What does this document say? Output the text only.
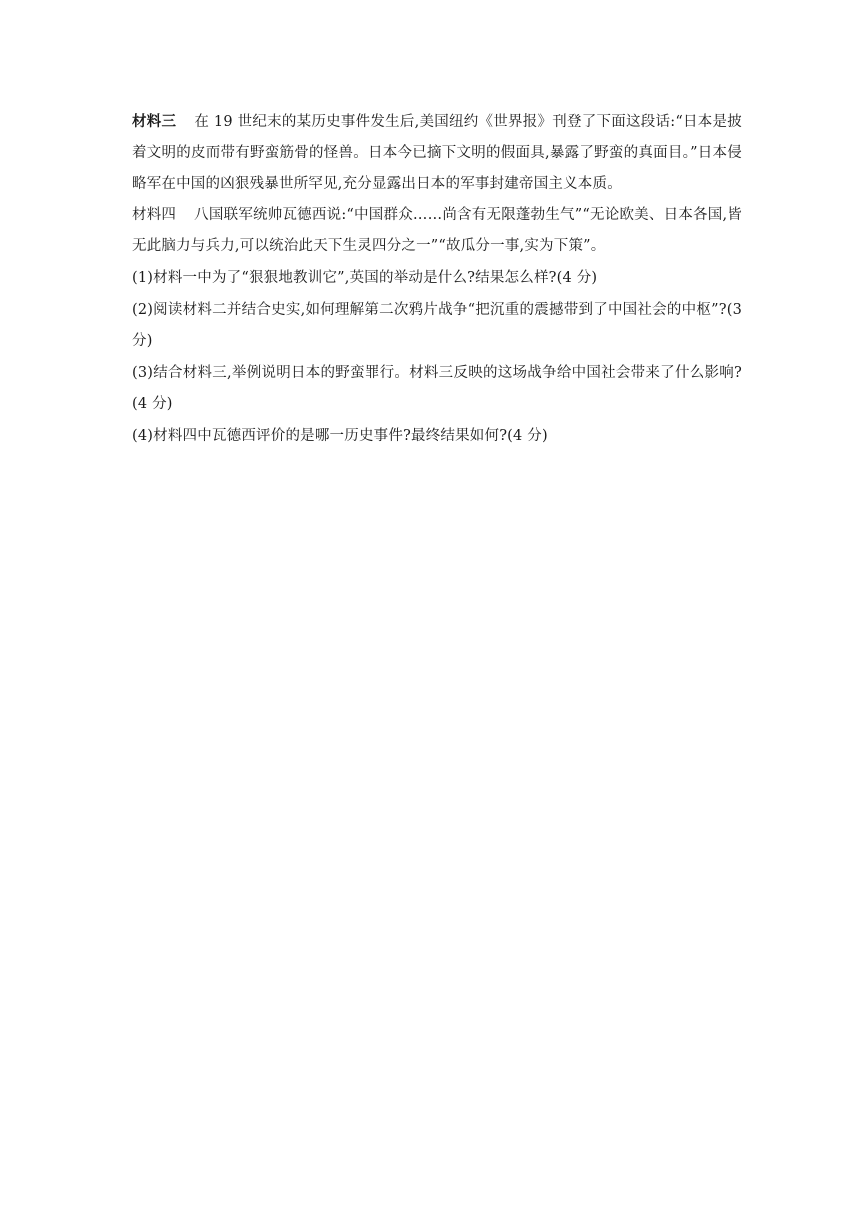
材料三 在 19 世纪末的某历史事件发生后,美国纽约《世界报》刊登了下面这段话:“日本是披着文明的皮而带有野蛮筋骨的怪兽。日本今已摘下文明的假面具,暴露了野蛮的真面目。”日本侵略军在中国的凶狠残暴世所罕见,充分显露出日本的军事封建帝国主义本质。

材料四 八国联军统帅瓦德西说:“中国群众……尚含有无限蓬勃生气”“无论欧美、日本各国,皆无此脑力与兵力,可以统治此天下生灵四分之一”“故瓜分一事,实为下策”。

(1)材料一中为了“狠狠地教训它”,英国的举动是什么?结果怎么样?(4 分)

(2)阅读材料二并结合史实,如何理解第二次鸦片战争“把沉重的震撼带到了中国社会的中枢”?(3 分)

(3)结合材料三,举例说明日本的野蛮罪行。材料三反映的这场战争给中国社会带来了什么影响?(4 分)

(4)材料四中瓦德西评价的是哪一历史事件?最终结果如何?(4 分)
